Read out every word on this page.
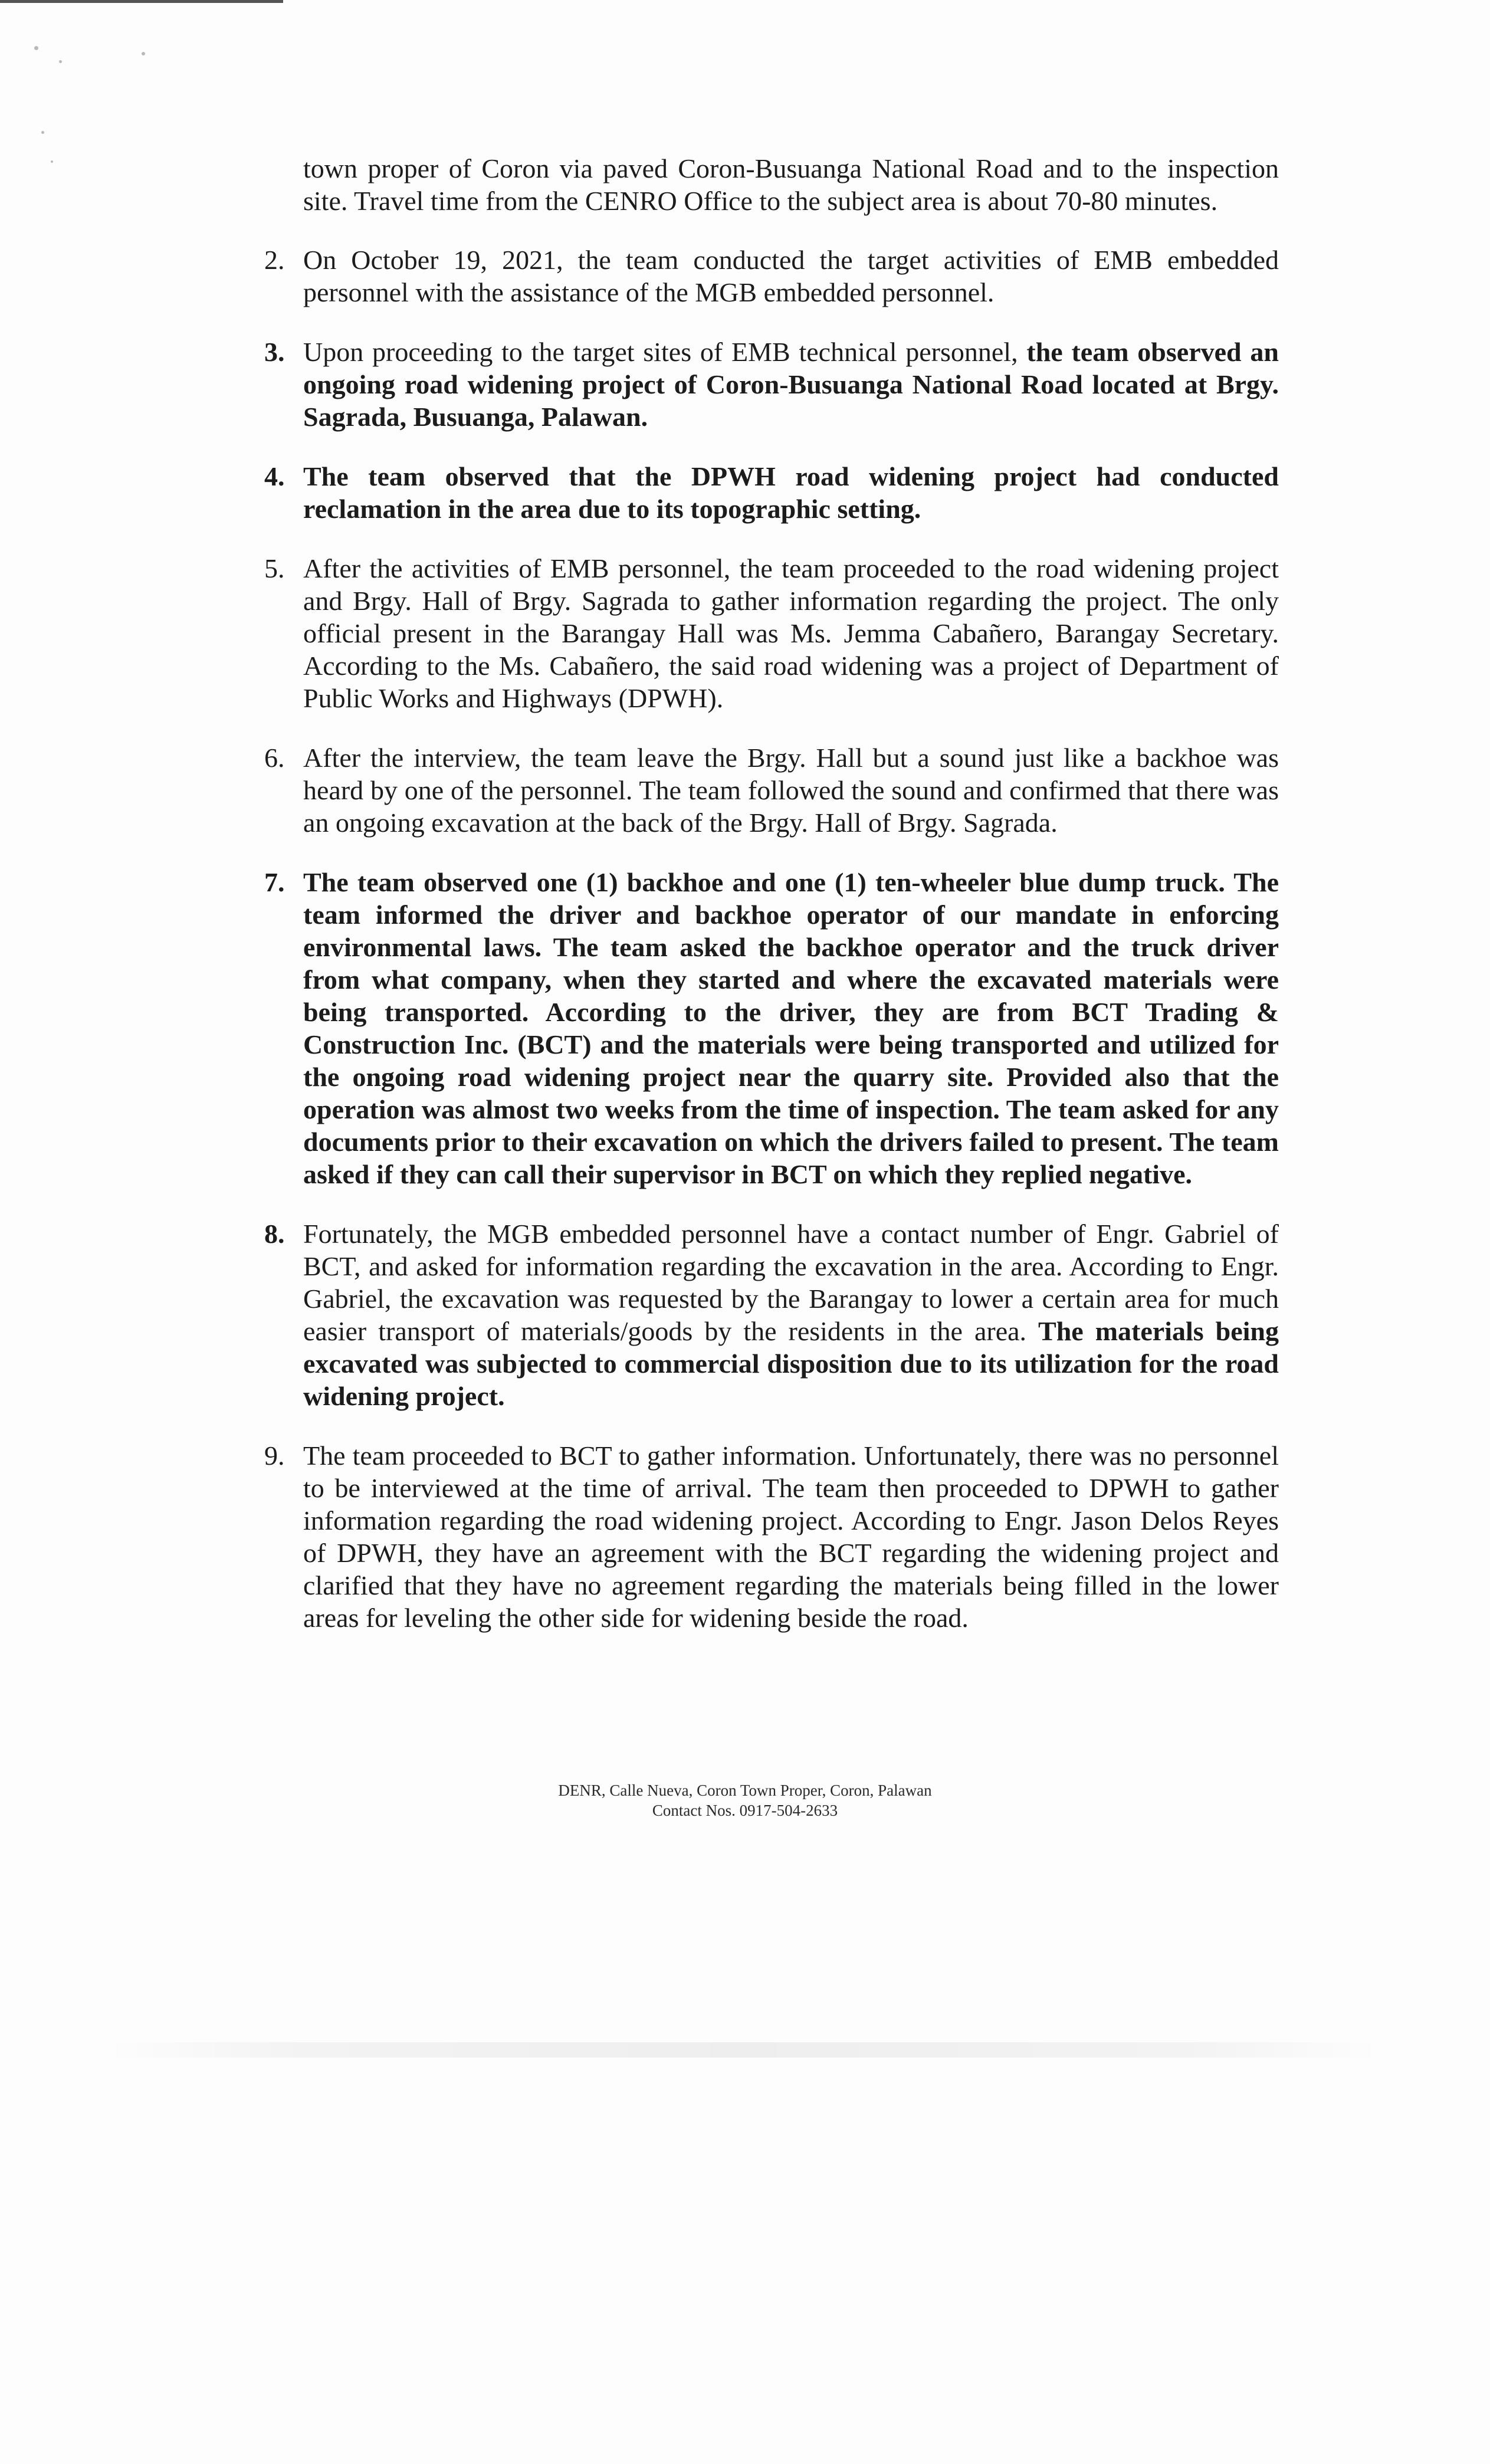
town proper of Coron via paved Coron-Busuanga National Road and to the inspection site. Travel time from the CENRO Office to the subject area is about 70-80 minutes.

2. On October 19, 2021, the team conducted the target activities of EMB embedded personnel with the assistance of the MGB embedded personnel.

3. Upon proceeding to the target sites of EMB technical personnel, the team observed an ongoing road widening project of Coron-Busuanga National Road located at Brgy. Sagrada, Busuanga, Palawan.

4. The team observed that the DPWH road widening project had conducted reclamation in the area due to its topographic setting.

5. After the activities of EMB personnel, the team proceeded to the road widening project and Brgy. Hall of Brgy. Sagrada to gather information regarding the project. The only official present in the Barangay Hall was Ms. Jemma Cabañero, Barangay Secretary. According to the Ms. Cabañero, the said road widening was a project of Department of Public Works and Highways (DPWH).

6. After the interview, the team leave the Brgy. Hall but a sound just like a backhoe was heard by one of the personnel. The team followed the sound and confirmed that there was an ongoing excavation at the back of the Brgy. Hall of Brgy. Sagrada.

7. The team observed one (1) backhoe and one (1) ten-wheeler blue dump truck. The team informed the driver and backhoe operator of our mandate in enforcing environmental laws. The team asked the backhoe operator and the truck driver from what company, when they started and where the excavated materials were being transported. According to the driver, they are from BCT Trading & Construction Inc. (BCT) and the materials were being transported and utilized for the ongoing road widening project near the quarry site. Provided also that the operation was almost two weeks from the time of inspection. The team asked for any documents prior to their excavation on which the drivers failed to present. The team asked if they can call their supervisor in BCT on which they replied negative.

8. Fortunately, the MGB embedded personnel have a contact number of Engr. Gabriel of BCT, and asked for information regarding the excavation in the area. According to Engr. Gabriel, the excavation was requested by the Barangay to lower a certain area for much easier transport of materials/goods by the residents in the area. The materials being excavated was subjected to commercial disposition due to its utilization for the road widening project.

9. The team proceeded to BCT to gather information. Unfortunately, there was no personnel to be interviewed at the time of arrival. The team then proceeded to DPWH to gather information regarding the road widening project. According to Engr. Jason Delos Reyes of DPWH, they have an agreement with the BCT regarding the widening project and clarified that they have no agreement regarding the materials being filled in the lower areas for leveling the other side for widening beside the road.

DENR, Calle Nueva, Coron Town Proper, Coron, Palawan
Contact Nos. 0917-504-2633
